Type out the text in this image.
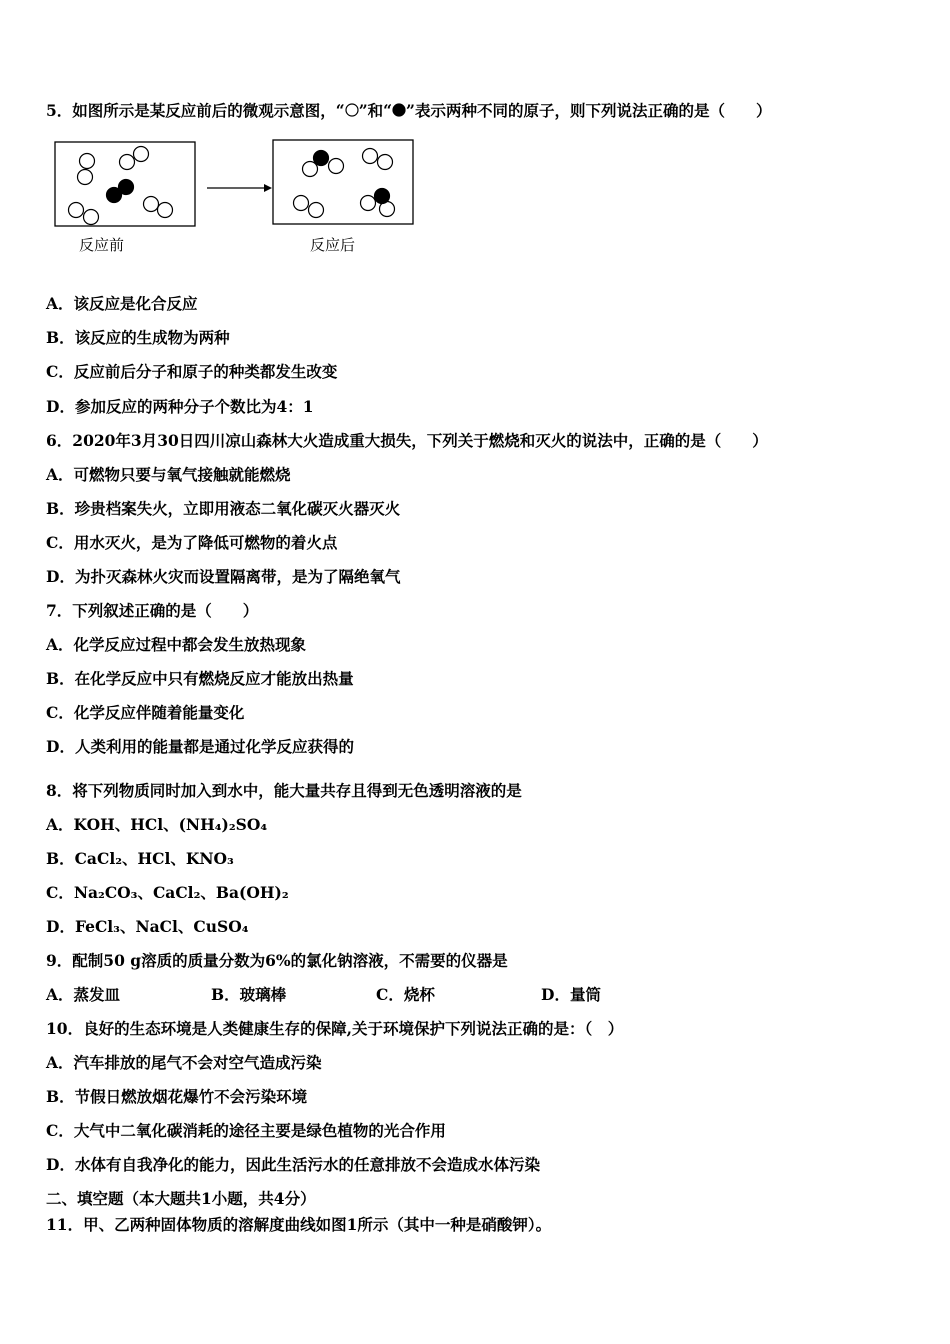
5．如图所示是某反应前后的微观示意图，“ ”和“ ”表示两种不同的原子，则下列说法正确的是（　　）
反应前	反应后
A．该反应是化合反应
B．该反应的生成物为两种
C．反应前后分子和原子的种类都发生改变
D．参加反应的两种分子个数比为4：1
6．2020年3月30日四川凉山森林大火造成重大损失，下列关于燃烧和灭火的说法中，正确的是（　　）
A．可燃物只要与氧气接触就能燃烧
B．珍贵档案失火，立即用液态二氧化碳灭火器灭火
C．用水灭火，是为了降低可燃物的着火点
D．为扑灭森林火灾而设置隔离带，是为了隔绝氧气
7．下列叙述正确的是（　　）
A．化学反应过程中都会发生放热现象
B．在化学反应中只有燃烧反应才能放出热量
C．化学反应伴随着能量变化
D．人类利用的能量都是通过化学反应获得的
8．将下列物质同时加入到水中，能大量共存且得到无色透明溶液的是
A．KOH、HCl、(NH₄)₂SO₄
B．CaCl₂、HCl、KNO₃
C．Na₂CO₃、CaCl₂、Ba(OH)₂
D．FeCl₃、NaCl、CuSO₄
9．配制50 g溶质的质量分数为6%的氯化钠溶液，不需要的仪器是
A．蒸发皿	B．玻璃棒	C．烧杯	D．量筒
10．良好的生态环境是人类健康生存的保障,关于环境保护下列说法正确的是：（　）
A．汽车排放的尾气不会对空气造成污染
B．节假日燃放烟花爆竹不会污染环境
C．大气中二氧化碳消耗的途径主要是绿色植物的光合作用
D．水体有自我净化的能力，因此生活污水的任意排放不会造成水体污染
二、填空题（本大题共1小题，共4分）
11．甲、乙两种固体物质的溶解度曲线如图1所示（其中一种是硝酸钾）。
